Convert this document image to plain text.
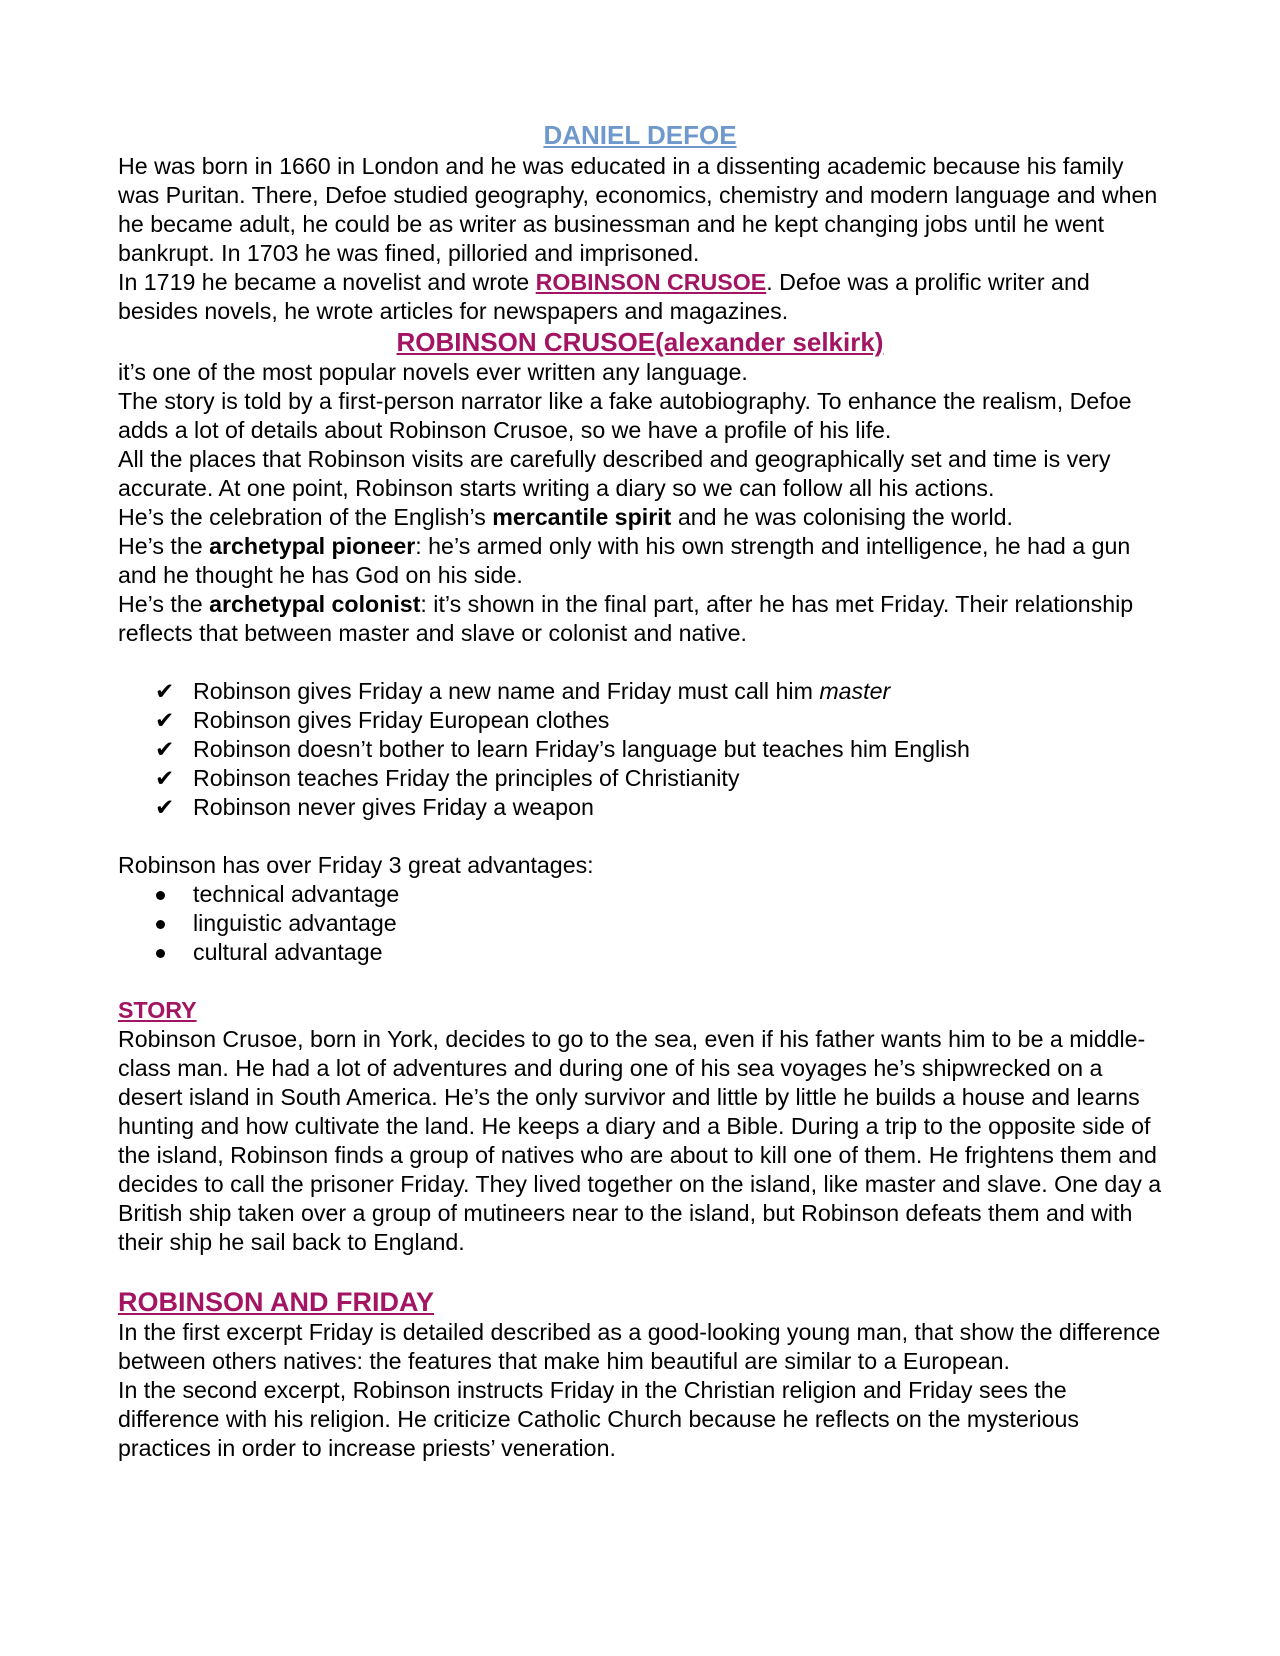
DANIEL DEFOE

He was born in 1660 in London and he was educated in a dissenting academic because his family was Puritan. There, Defoe studied geography, economics, chemistry and modern language and when he became adult, he could be as writer as businessman and he kept changing jobs until he went bankrupt. In 1703 he was fined, pilloried and imprisoned.

In 1719 he became a novelist and wrote ROBINSON CRUSOE. Defoe was a prolific writer and besides novels, he wrote articles for newspapers and magazines.

ROBINSON CRUSOE(alexander selkirk)

it’s one of the most popular novels ever written any language.

The story is told by a first-person narrator like a fake autobiography. To enhance the realism, Defoe adds a lot of details about Robinson Crusoe, so we have a profile of his life.

All the places that Robinson visits are carefully described and geographically set and time is very accurate. At one point, Robinson starts writing a diary so we can follow all his actions.

He’s the celebration of the English’s mercantile spirit and he was colonising the world.

He’s the archetypal pioneer: he’s armed only with his own strength and intelligence, he had a gun and he thought he has God on his side.

He’s the archetypal colonist: it’s shown in the final part, after he has met Friday. Their relationship reflects that between master and slave or colonist and native.

✔ Robinson gives Friday a new name and Friday must call him master
✔ Robinson gives Friday European clothes
✔ Robinson doesn’t bother to learn Friday’s language but teaches him English
✔ Robinson teaches Friday the principles of Christianity
✔ Robinson never gives Friday a weapon

Robinson has over Friday 3 great advantages:

technical advantage
linguistic advantage
cultural advantage

STORY

Robinson Crusoe, born in York, decides to go to the sea, even if his father wants him to be a middle-class man. He had a lot of adventures and during one of his sea voyages he’s shipwrecked on a desert island in South America. He’s the only survivor and little by little he builds a house and learns hunting and how cultivate the land. He keeps a diary and a Bible. During a trip to the opposite side of the island, Robinson finds a group of natives who are about to kill one of them. He frightens them and decides to call the prisoner Friday. They lived together on the island, like master and slave. One day a British ship taken over a group of mutineers near to the island, but Robinson defeats them and with their ship he sail back to England.

ROBINSON AND FRIDAY

In the first excerpt Friday is detailed described as a good-looking young man, that show the difference between others natives: the features that make him beautiful are similar to a European.

In the second excerpt, Robinson instructs Friday in the Christian religion and Friday sees the difference with his religion. He criticize Catholic Church because he reflects on the mysterious practices in order to increase priests’ veneration.
